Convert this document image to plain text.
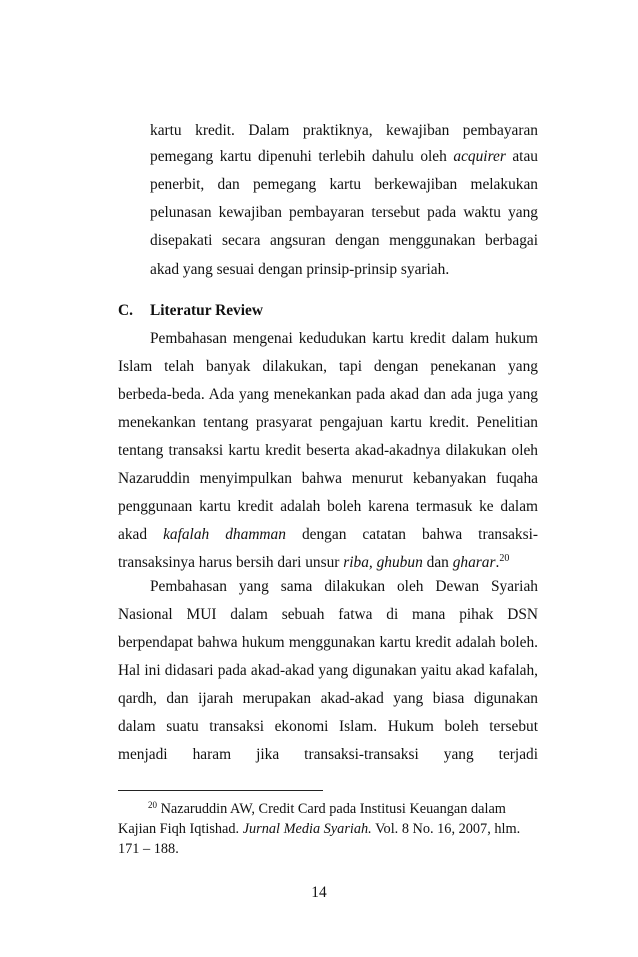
kartu kredit. Dalam praktiknya, kewajiban pembayaran
pemegang kartu dipenuhi terlebih dahulu oleh acquirer atau
penerbit, dan pemegang kartu berkewajiban melakukan
pelunasan kewajiban pembayaran tersebut pada waktu yang
disepakati secara angsuran dengan menggunakan berbagai
akad yang sesuai dengan prinsip-prinsip syariah.
C. Literatur Review
Pembahasan mengenai kedudukan kartu kredit dalam hukum
Islam telah banyak dilakukan, tapi dengan penekanan yang
berbeda-beda. Ada yang menekankan pada akad dan ada juga yang
menekankan tentang prasyarat pengajuan kartu kredit. Penelitian
tentang transaksi kartu kredit beserta akad-akadnya dilakukan oleh
Nazaruddin menyimpulkan bahwa menurut kebanyakan fuqaha
penggunaan kartu kredit adalah boleh karena termasuk ke dalam
akad kafalah dhamman dengan catatan bahwa transaksi-
transaksinya harus bersih dari unsur riba, ghubun dan gharar.$^{20}$
Pembahasan yang sama dilakukan oleh Dewan Syariah
Nasional MUI dalam sebuah fatwa di mana pihak DSN
berpendapat bahwa hukum menggunakan kartu kredit adalah boleh.
Hal ini didasari pada akad-akad yang digunakan yaitu akad kafalah,
qardh, dan ijarah merupakan akad-akad yang biasa digunakan
dalam suatu transaksi ekonomi Islam. Hukum boleh tersebut
menjadi haram jika transaksi-transaksi yang terjadi
$^{20}$ Nazaruddin AW, Credit Card pada Institusi Keuangan dalam
Kajian Fiqh Iqtishad. Jurnal Media Syariah. Vol. 8 No. 16, 2007, hlm.
171 – 188.
14
